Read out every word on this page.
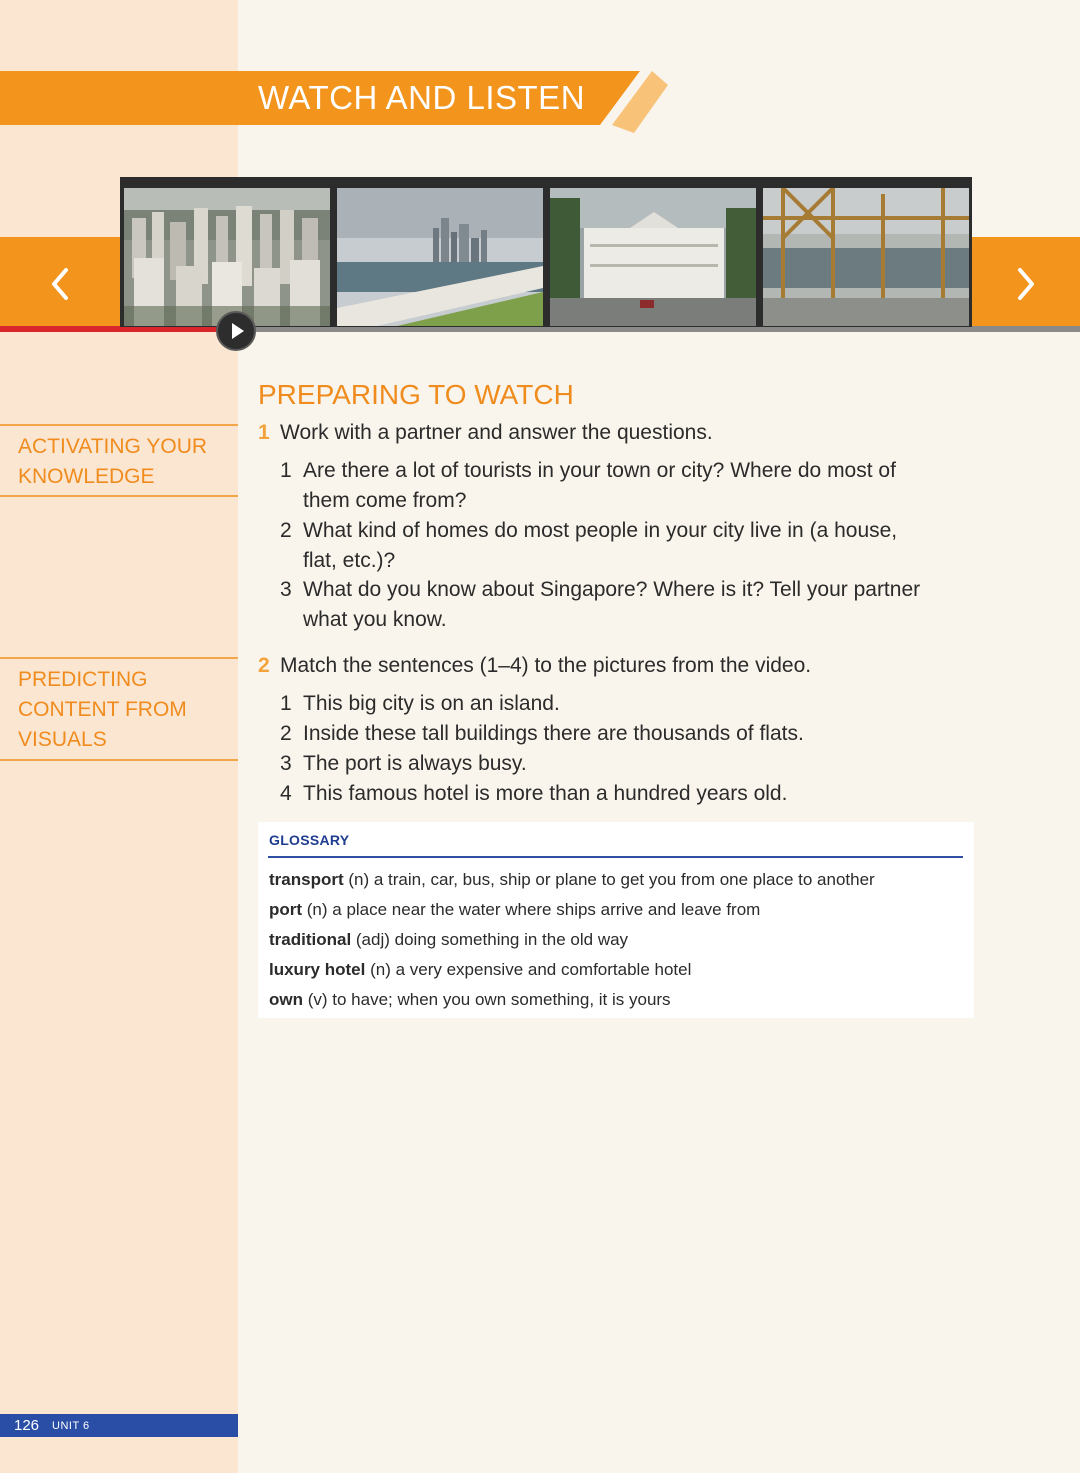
WATCH AND LISTEN
ACTIVATING YOUR
KNOWLEDGE
PREDICTING
CONTENT FROM
VISUALS
PREPARING TO WATCH
1 Work with a partner and answer the questions.
1 Are there a lot of tourists in your town or city? Where do most of
them come from?
2 What kind of homes do most people in your city live in (a house,
flat, etc.)?
3 What do you know about Singapore? Where is it? Tell your partner
what you know.
2 Match the sentences (1–4) to the pictures from the video.
1 This big city is on an island.
2 Inside these tall buildings there are thousands of flats.
3 The port is always busy.
4 This famous hotel is more than a hundred years old.
GLOSSARY
transport (n) a train, car, bus, ship or plane to get you from one place to another
port (n) a place near the water where ships arrive and leave from
traditional (adj) doing something in the old way
luxury hotel (n) a very expensive and comfortable hotel
own (v) to have; when you own something, it is yours
126 UNIT 6
